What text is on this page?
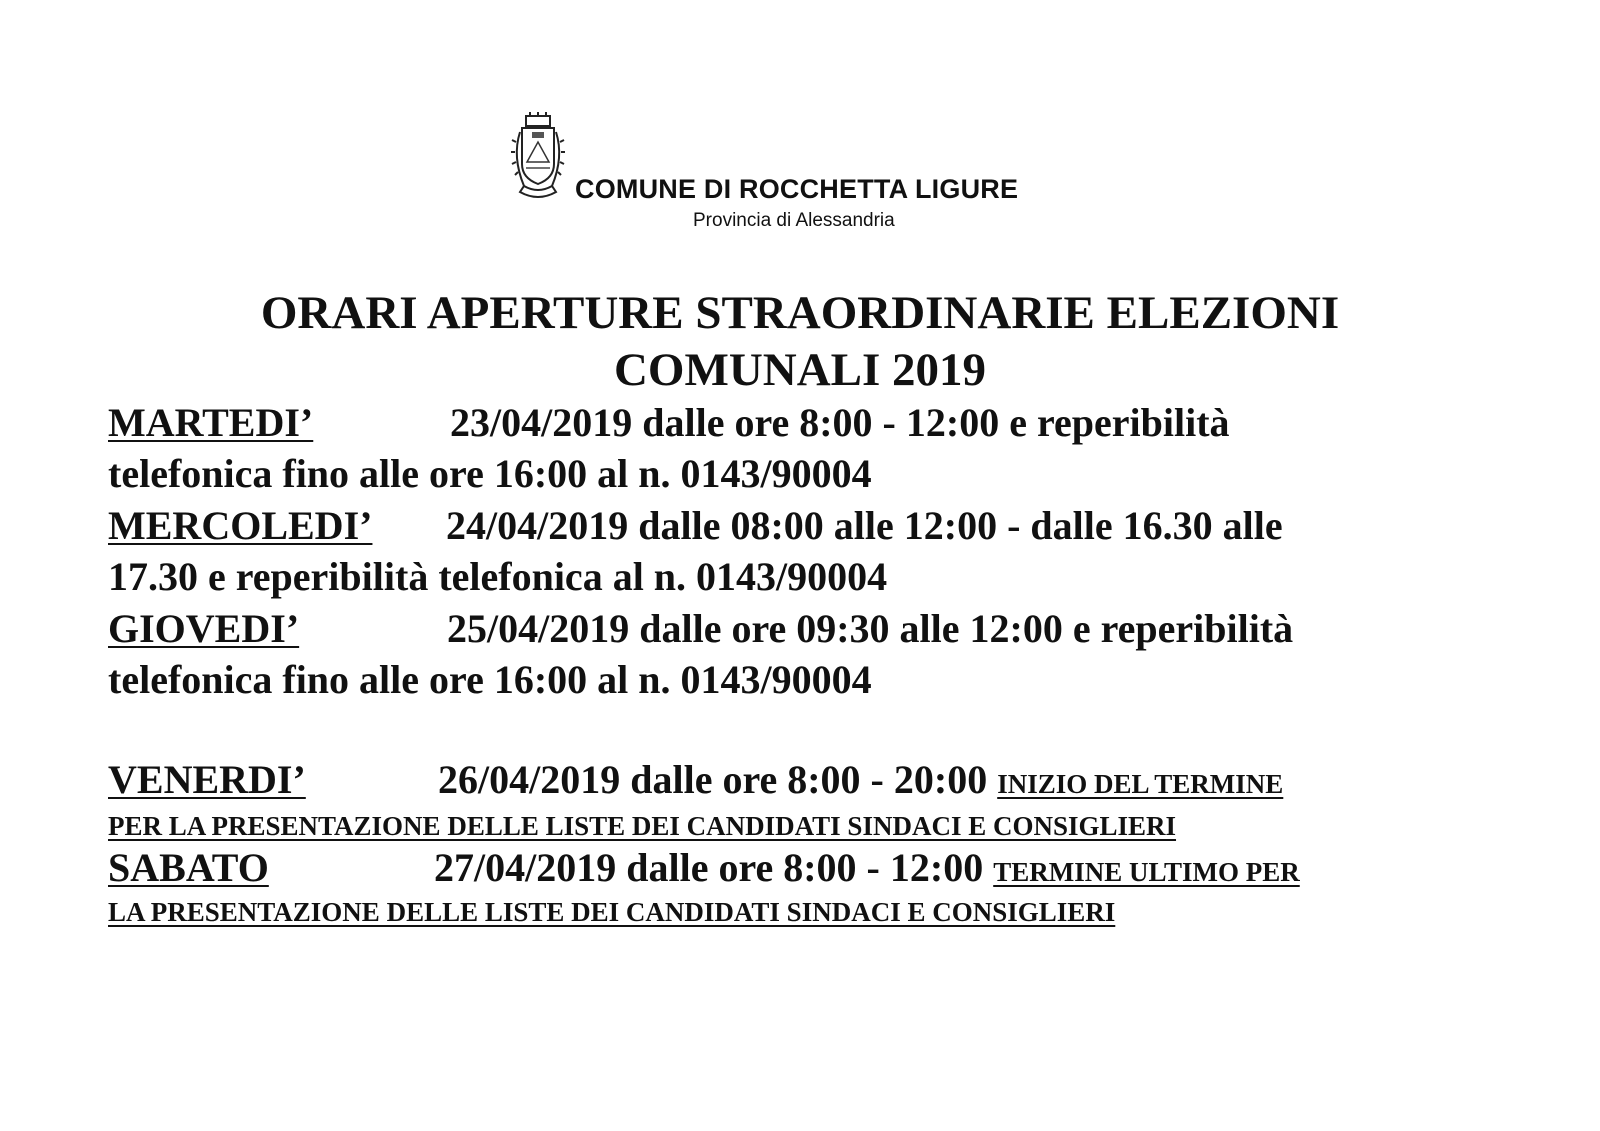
COMUNE DI ROCCHETTA LIGURE
Provincia di Alessandria
ORARI APERTURE STRAORDINARIE ELEZIONI
COMUNALI 2019
MARTEDI’	23/04/2019 dalle ore 8:00 - 12:00 e reperibilità
telefonica fino alle ore 16:00 al n. 0143/90004
MERCOLEDI’ 24/04/2019 dalle 08:00 alle 12:00 - dalle 16.30 alle
17.30 e reperibilità telefonica al n. 0143/90004
GIOVEDI’	25/04/2019 dalle ore 09:30 alle 12:00 e reperibilità
telefonica fino alle ore 16:00 al n. 0143/90004
VENERDI’	26/04/2019 dalle ore 8:00 - 20:00 INIZIO DEL TERMINE
PER LA PRESENTAZIONE DELLE LISTE DEI CANDIDATI SINDACI E CONSIGLIERI
SABATO	27/04/2019 dalle ore 8:00 - 12:00 TERMINE ULTIMO PER
LA PRESENTAZIONE DELLE LISTE DEI CANDIDATI SINDACI E CONSIGLIERI
